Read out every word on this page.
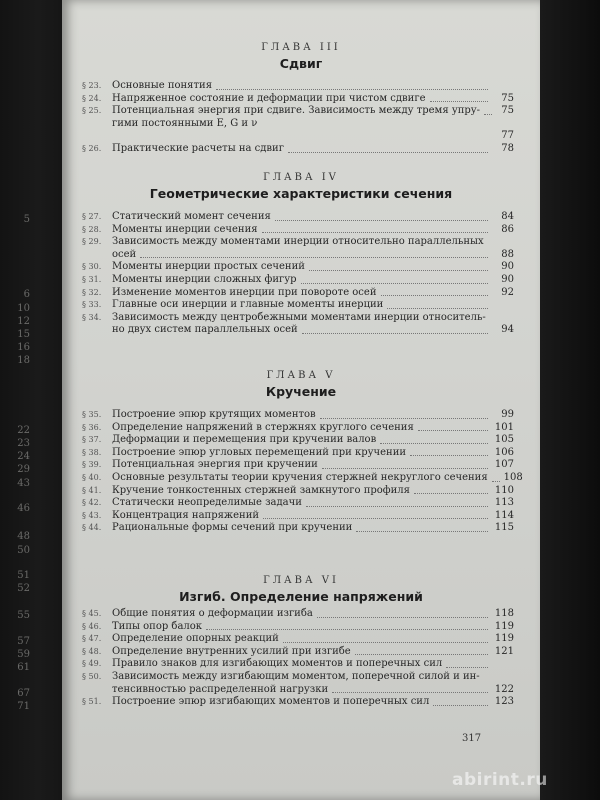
5
6
10
12
15
16
18
22
23
24
29
43
46
48
50
51
52
55
57
59
61
67
71
ГЛАВА III
Сдвиг
§ 23.	Основные понятия
§ 24.	Напряженное состояние и деформации при чистом сдвиге	75
§ 25.	Потенциальная энергия при сдвиге. Зависимость между тремя упру-	75
гими постоянными E, G и ν
77
§ 26.	Практические расчеты на сдвиг	78
ГЛАВА IV
Геометрические характеристики сечения
§ 27.	Статический момент сечения	84
§ 28.	Моменты инерции сечения	86
§ 29.	Зависимость между моментами инерции относительно параллельных
осей	88
§ 30.	Моменты инерции простых сечений	90
§ 31.	Моменты инерции сложных фигур	90
§ 32.	Изменение моментов инерции при повороте осей	92
§ 33.	Главные оси инерции и главные моменты инерции
§ 34.	Зависимость между центробежными моментами инерции относитель-
но двух систем параллельных осей	94
ГЛАВА V
Кручение
§ 35.	Построение эпюр крутящих моментов	99
§ 36.	Определение напряжений в стержнях круглого сечения	101
§ 37.	Деформации и перемещения при кручении валов	105
§ 38.	Построение эпюр угловых перемещений при кручении	106
§ 39.	Потенциальная энергия при кручении	107
§ 40.	Основные результаты теории кручения стержней некруглого сечения 108
§ 41.	Кручение тонкостенных стержней замкнутого профиля	110
§ 42.	Статически неопределимые задачи	113
§ 43.	Концентрация напряжений	114
§ 44.	Рациональные формы сечений при кручении	115
ГЛАВА VI
Изгиб. Определение напряжений
§ 45.	Общие понятия о деформации изгиба	118
§ 46.	Типы опор балок	119
§ 47.	Определение опорных реакций	119
§ 48.	Определение внутренних усилий при изгибе	121
§ 49.	Правило знаков для изгибающих моментов и поперечных сил
§ 50.	Зависимость между изгибающим моментом, поперечной силой и ин-
тенсивностью распределенной нагрузки	122
§ 51.	Построение эпюр изгибающих моментов и поперечных сил	123
317
abirint.ru
